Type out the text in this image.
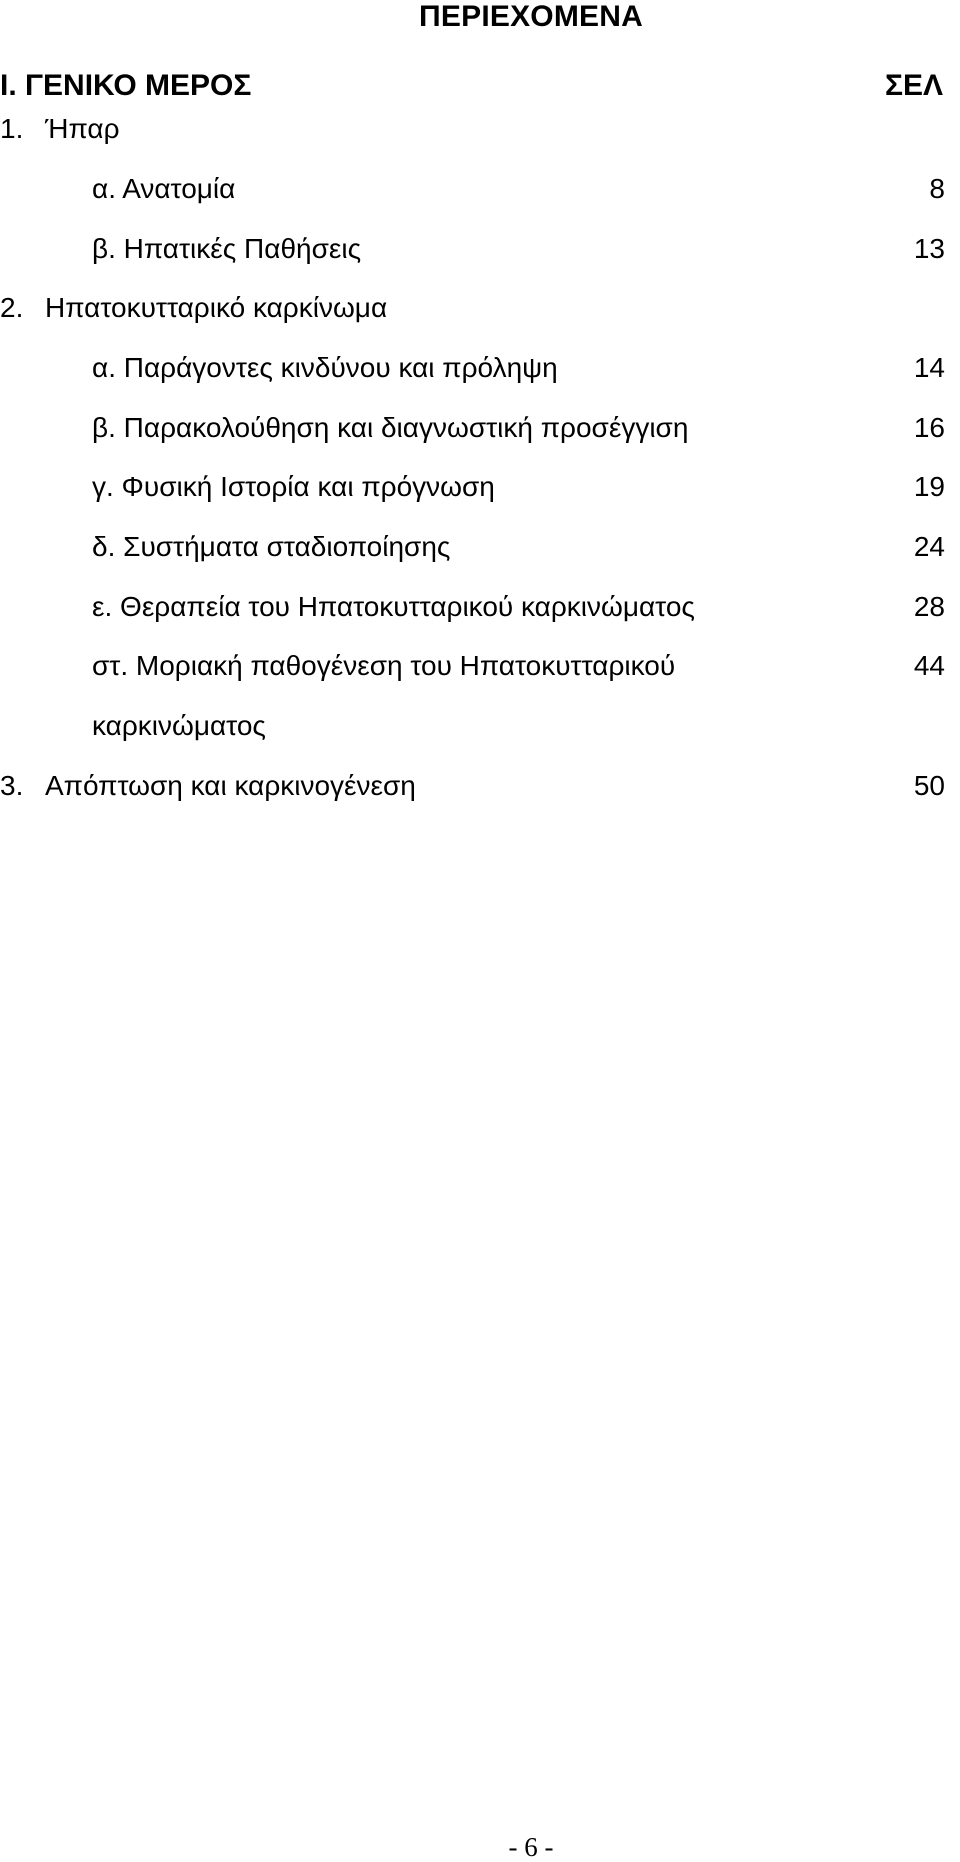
ΠΕΡΙΕΧΟΜΕΝΑ
I. ΓΕΝΙΚΟ ΜΕΡΟΣ	ΣΕΛ
1. Ήπαρ
α. Ανατομία	8
β. Ηπατικές Παθήσεις	13
2. Ηπατοκυτταρικό καρκίνωμα
α. Παράγοντες κινδύνου και πρόληψη	14
β. Παρακολούθηση και διαγνωστική προσέγγιση	16
γ. Φυσική Ιστορία και πρόγνωση	19
δ. Συστήματα σταδιοποίησης	24
ε. Θεραπεία του Ηπατοκυτταρικού καρκινώματος	28
στ. Μοριακή παθογένεση του Ηπατοκυτταρικού	44
καρκινώματος
3. Απόπτωση και καρκινογένεση	50
- 6 -
